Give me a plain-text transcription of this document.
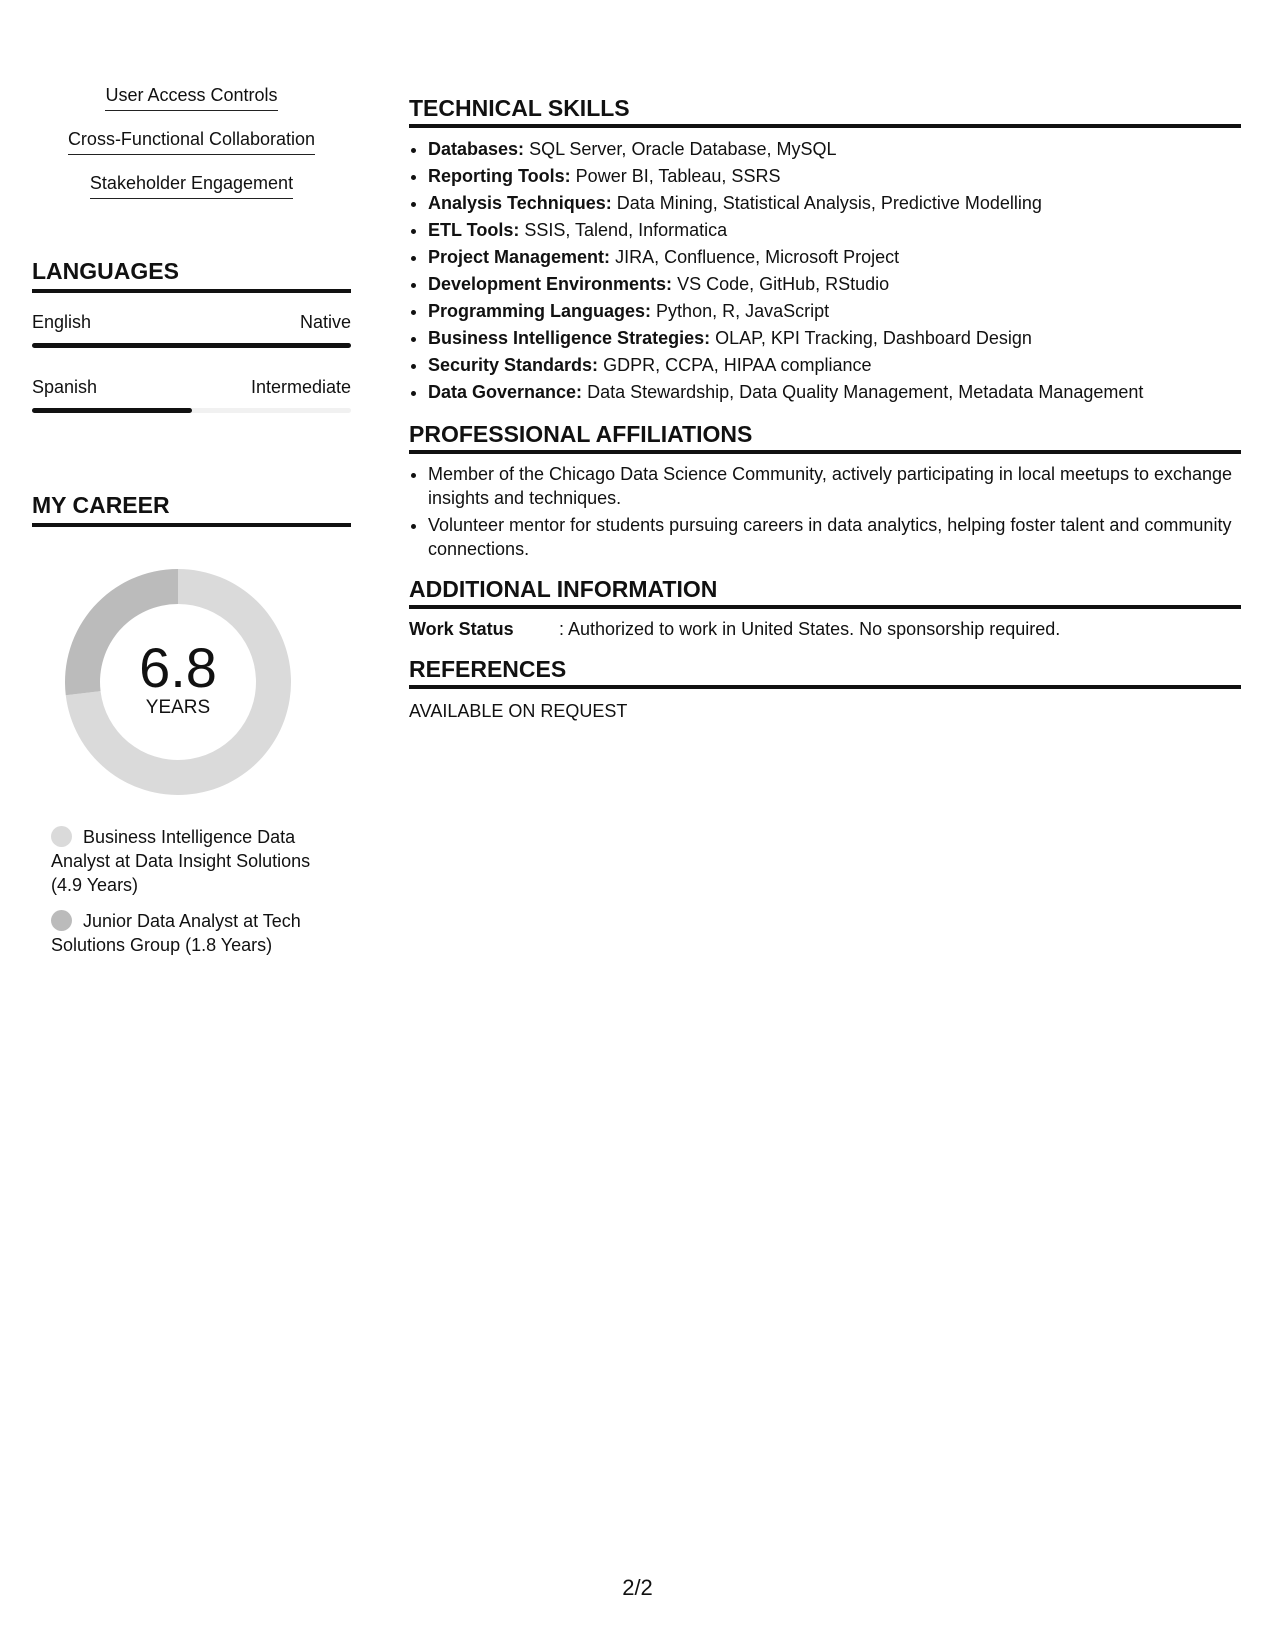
User Access Controls
Cross-Functional Collaboration
Stakeholder Engagement
LANGUAGES
English	Native
Spanish	Intermediate
MY CAREER
6.8
YEARS
Business Intelligence Data Analyst at Data Insight Solutions (4.9 Years)
Junior Data Analyst at Tech Solutions Group (1.8 Years)
TECHNICAL SKILLS
• Databases: SQL Server, Oracle Database, MySQL
• Reporting Tools: Power BI, Tableau, SSRS
• Analysis Techniques: Data Mining, Statistical Analysis, Predictive Modelling
• ETL Tools: SSIS, Talend, Informatica
• Project Management: JIRA, Confluence, Microsoft Project
• Development Environments: VS Code, GitHub, RStudio
• Programming Languages: Python, R, JavaScript
• Business Intelligence Strategies: OLAP, KPI Tracking, Dashboard Design
• Security Standards: GDPR, CCPA, HIPAA compliance
• Data Governance: Data Stewardship, Data Quality Management, Metadata Management
PROFESSIONAL AFFILIATIONS
• Member of the Chicago Data Science Community, actively participating in local meetups to exchange insights and techniques.
• Volunteer mentor for students pursuing careers in data analytics, helping foster talent and community connections.
ADDITIONAL INFORMATION
Work Status	: Authorized to work in United States. No sponsorship required.
REFERENCES
AVAILABLE ON REQUEST
2/2
